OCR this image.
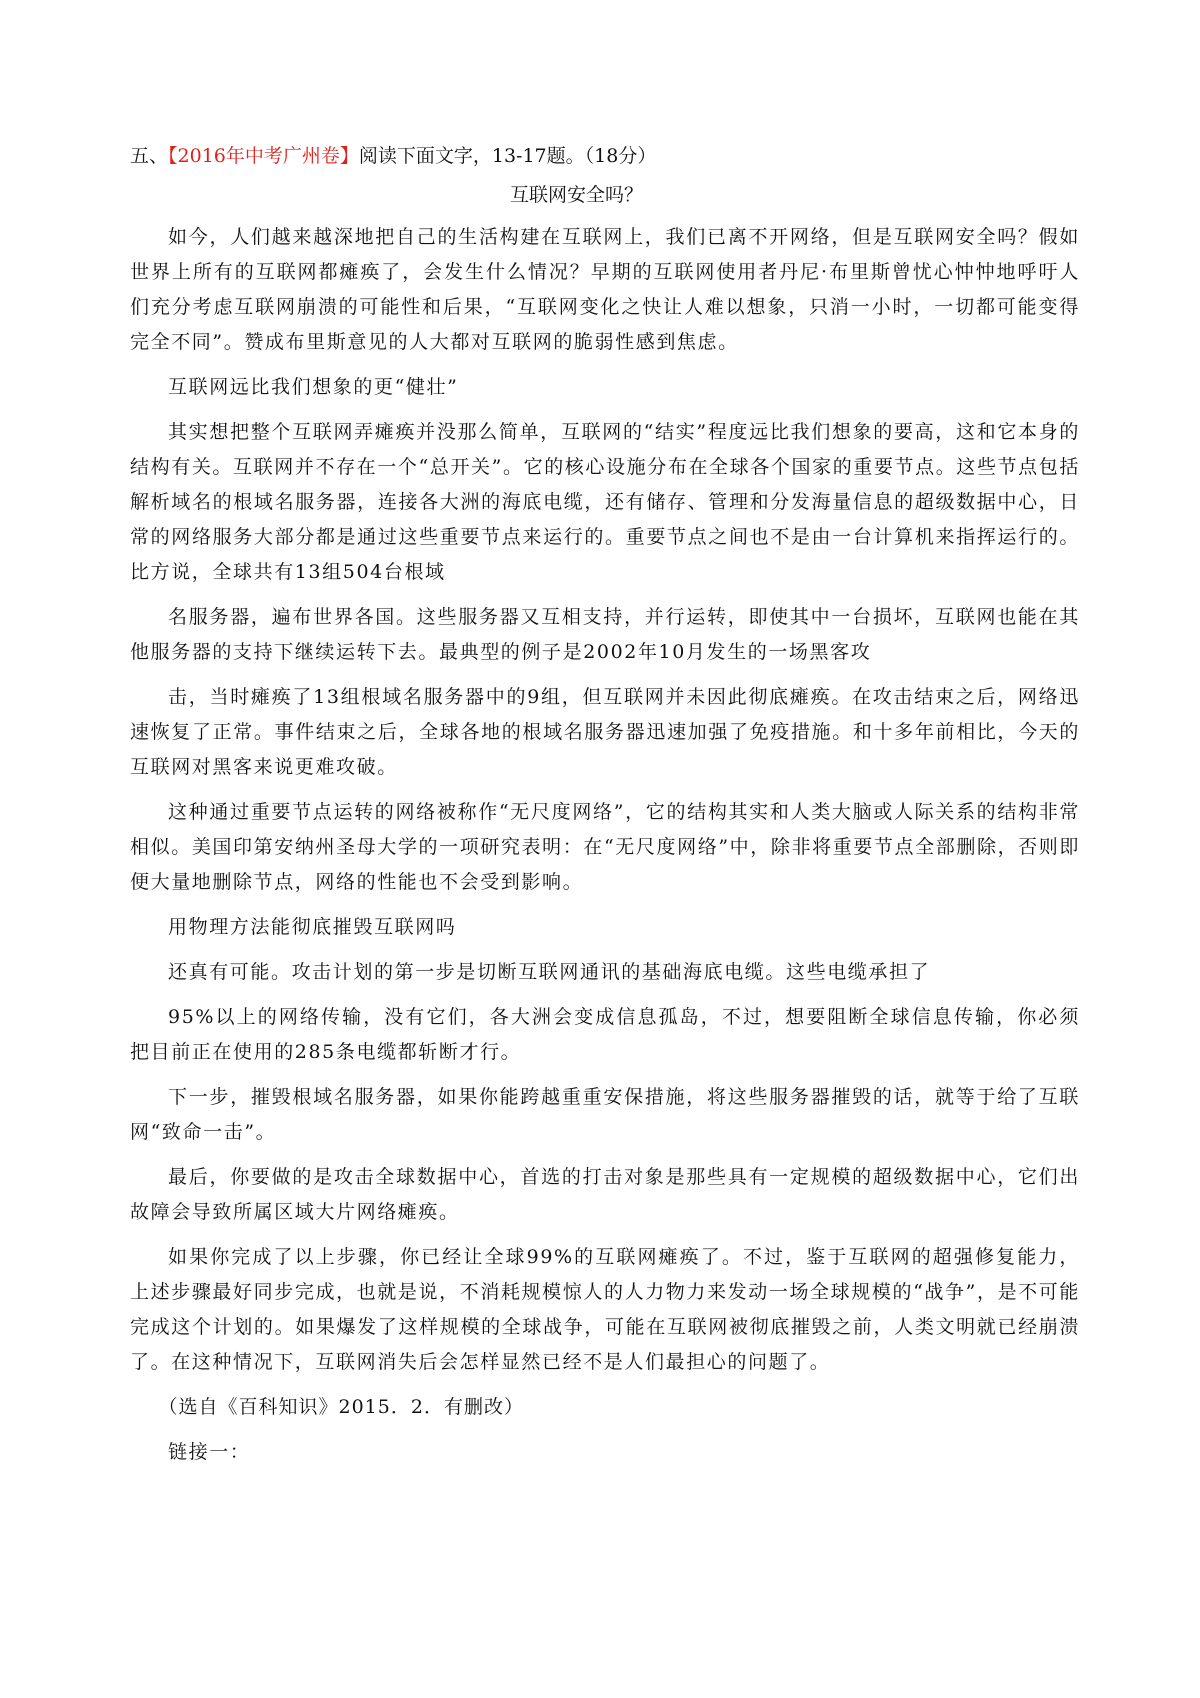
五、【2016年中考广州卷】阅读下面文字，13-17题。（18分）
互联网安全吗？

如今，人们越来越深地把自己的生活构建在互联网上，我们已离不开网络，但是互联网安全吗？假如世界上所有的互联网都瘫痪了，会发生什么情况？早期的互联网使用者丹尼·布里斯曾忧心忡忡地呼吁人们充分考虑互联网崩溃的可能性和后果，“互联网变化之快让人难以想象，只消一小时，一切都可能变得完全不同”。赞成布里斯意见的人大都对互联网的脆弱性感到焦虑。

互联网远比我们想象的更“健壮”

其实想把整个互联网弄瘫痪并没那么简单，互联网的“结实”程度远比我们想象的要高，这和它本身的结构有关。互联网并不存在一个“总开关”。它的核心设施分布在全球各个国家的重要节点。这些节点包括解析域名的根域名服务器，连接各大洲的海底电缆，还有储存、管理和分发海量信息的超级数据中心，日常的网络服务大部分都是通过这些重要节点来运行的。重要节点之间也不是由一台计算机来指挥运行的。比方说，全球共有13组504台根域

名服务器，遍布世界各国。这些服务器又互相支持，并行运转，即使其中一台损坏，互联网也能在其他服务器的支持下继续运转下去。最典型的例子是2002年10月发生的一场黑客攻

击，当时瘫痪了13组根域名服务器中的9组，但互联网并未因此彻底瘫痪。在攻击结束之后，网络迅速恢复了正常。事件结束之后，全球各地的根域名服务器迅速加强了免疫措施。和十多年前相比，今天的互联网对黑客来说更难攻破。

这种通过重要节点运转的网络被称作“无尺度网络”，它的结构其实和人类大脑或人际关系的结构非常相似。美国印第安纳州圣母大学的一项研究表明：在“无尺度网络”中，除非将重要节点全部删除，否则即便大量地删除节点，网络的性能也不会受到影响。

用物理方法能彻底摧毁互联网吗

还真有可能。攻击计划的第一步是切断互联网通讯的基础海底电缆。这些电缆承担了

95%以上的网络传输，没有它们，各大洲会变成信息孤岛，不过，想要阻断全球信息传输，你必须把目前正在使用的285条电缆都斩断才行。

下一步，摧毁根域名服务器，如果你能跨越重重安保措施，将这些服务器摧毁的话，就等于给了互联网“致命一击”。

最后，你要做的是攻击全球数据中心，首选的打击对象是那些具有一定规模的超级数据中心，它们出故障会导致所属区域大片网络瘫痪。

如果你完成了以上步骤，你已经让全球99%的互联网瘫痪了。不过，鉴于互联网的超强修复能力，上述步骤最好同步完成，也就是说，不消耗规模惊人的人力物力来发动一场全球规模的“战争”，是不可能完成这个计划的。如果爆发了这样规模的全球战争，可能在互联网被彻底摧毁之前，人类文明就已经崩溃了。在这种情况下，互联网消失后会怎样显然已经不是人们最担心的问题了。

（选自《百科知识》2015．2．有删改）
链接一：
